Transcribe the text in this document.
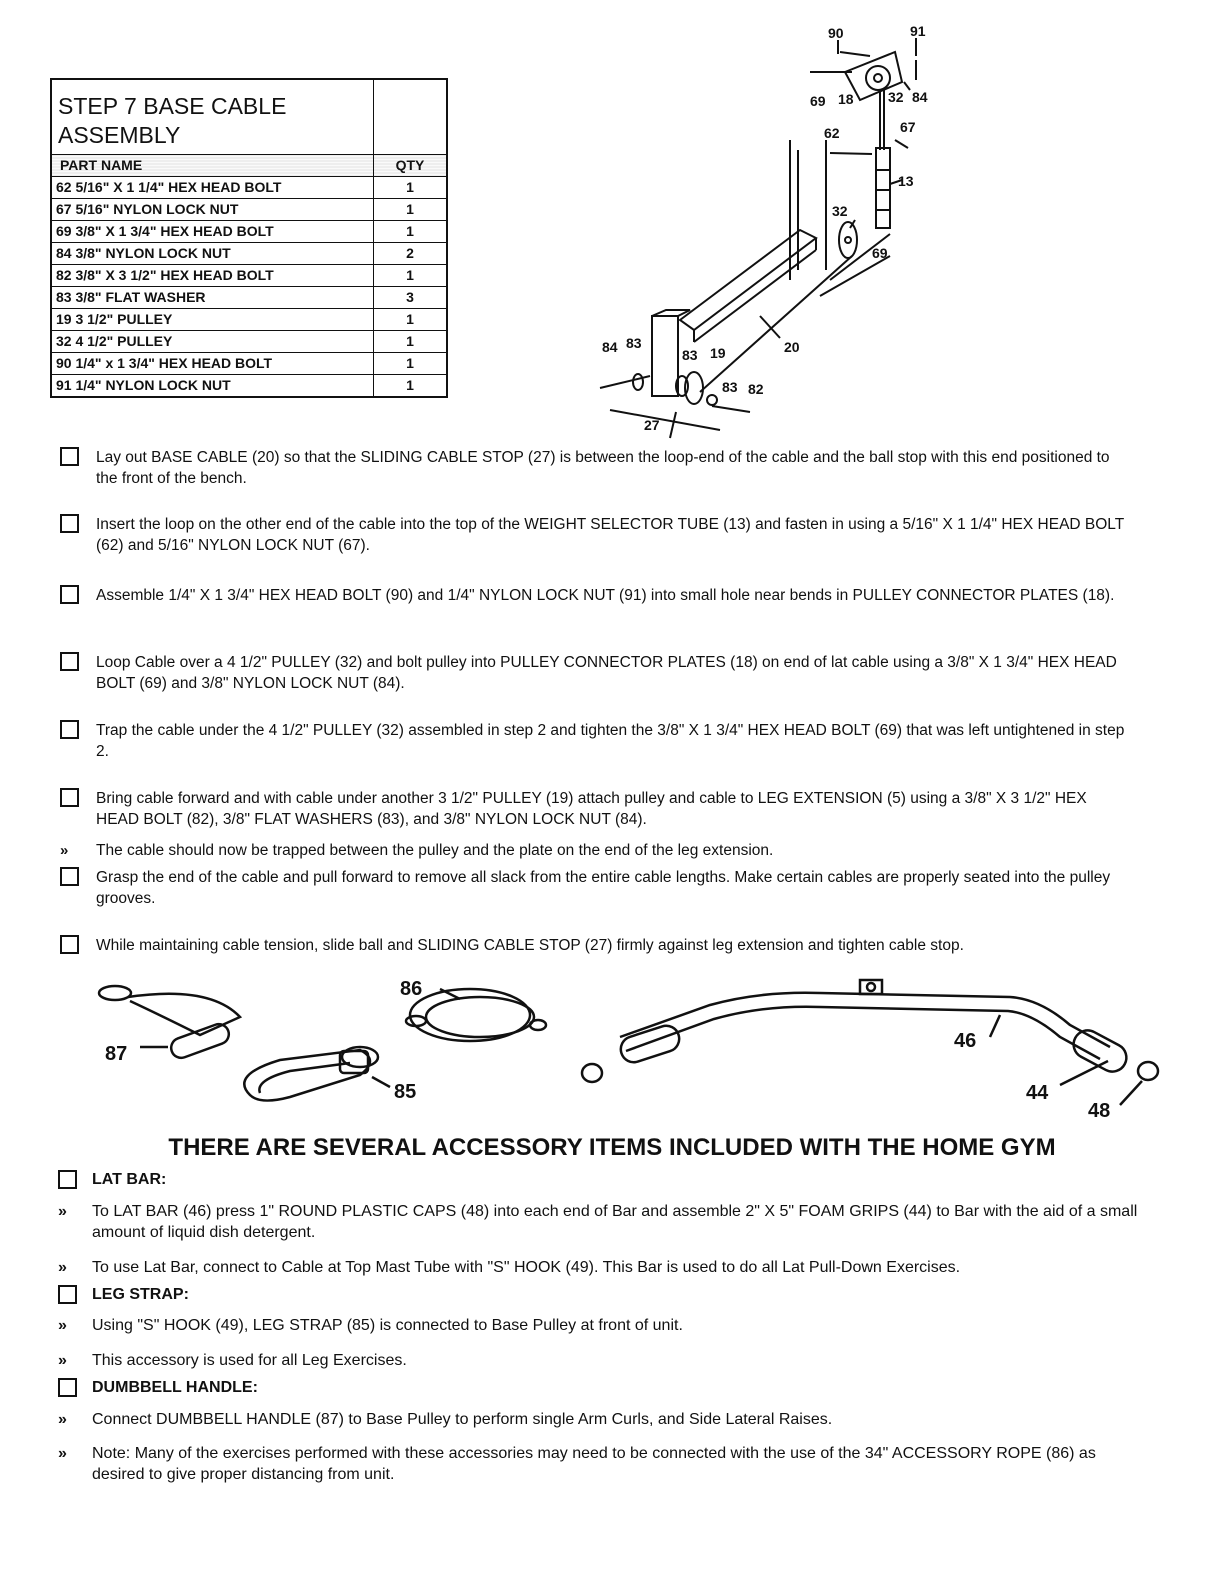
STEP 7 BASE CABLE ASSEMBLY	
PART NAME	QTY
62 5/16" X 1 1/4" HEX HEAD BOLT	1
67 5/16" NYLON LOCK NUT	1
69 3/8" X 1 3/4" HEX HEAD BOLT	1
84 3/8" NYLON LOCK NUT	2
82 3/8" X 3 1/2" HEX HEAD BOLT	1
83 3/8" FLAT WASHER	3
19 3 1/2" PULLEY	1
32 4 1/2" PULLEY	1
90 1/4" x 1 3/4" HEX HEAD BOLT	1
91 1/4" NYLON LOCK NUT	1
90	91
69 18 32 84
62	67
13
32
69
84 83
83 19	20
83 82
27
Lay out BASE CABLE (20) so that the SLIDING CABLE STOP (27) is between the loop-end of the cable and the ball stop with this end positioned to the front of the bench.
Insert the loop on the other end of the cable into the top of the WEIGHT SELECTOR TUBE (13) and fasten in using a 5/16" X 1 1/4" HEX HEAD BOLT (62) and 5/16" NYLON LOCK NUT (67).
Assemble 1/4" X 1 3/4" HEX HEAD BOLT (90) and 1/4" NYLON LOCK NUT (91) into small hole near bends in PULLEY CONNECTOR PLATES (18).
Loop Cable over a 4 1/2" PULLEY (32) and bolt pulley into PULLEY CONNECTOR PLATES (18) on end of lat cable using a 3/8" X 1 3/4" HEX HEAD BOLT (69) and 3/8" NYLON LOCK NUT (84).
Trap the cable under the 4 1/2" PULLEY (32) assembled in step 2 and tighten the 3/8" X 1 3/4" HEX HEAD BOLT (69) that was left untightened in step 2.
Bring cable forward and with cable under another 3 1/2" PULLEY (19) attach pulley and cable to LEG EXTENSION (5) using a 3/8" X 3 1/2" HEX HEAD BOLT (82), 3/8" FLAT WASHERS (83), and 3/8" NYLON LOCK NUT (84).
» The cable should now be trapped between the pulley and the plate on the end of the leg extension.
Grasp the end of the cable and pull forward to remove all slack from the entire cable lengths. Make certain cables are properly seated into the pulley grooves.
While maintaining cable tension, slide ball and SLIDING CABLE STOP (27) firmly against leg extension and tighten cable stop.
87
85
86
46
44
48
THERE ARE SEVERAL ACCESSORY ITEMS INCLUDED WITH THE HOME GYM
LAT BAR:
» To LAT BAR (46) press 1" ROUND PLASTIC CAPS (48) into each end of Bar and assemble 2" X 5" FOAM GRIPS (44) to Bar with the aid of a small amount of liquid dish detergent.
» To use Lat Bar, connect to Cable at Top Mast Tube with "S" HOOK (49). This Bar is used to do all Lat Pull-Down Exercises.
LEG STRAP:
» Using "S" HOOK (49), LEG STRAP (85) is connected to Base Pulley at front of unit.
» This accessory is used for all Leg Exercises.
DUMBBELL HANDLE:
» Connect DUMBBELL HANDLE (87) to Base Pulley to perform single Arm Curls, and Side Lateral Raises.
» Note: Many of the exercises performed with these accessories may need to be connected with the use of the 34" ACCESSORY ROPE (86) as desired to give proper distancing from unit.
